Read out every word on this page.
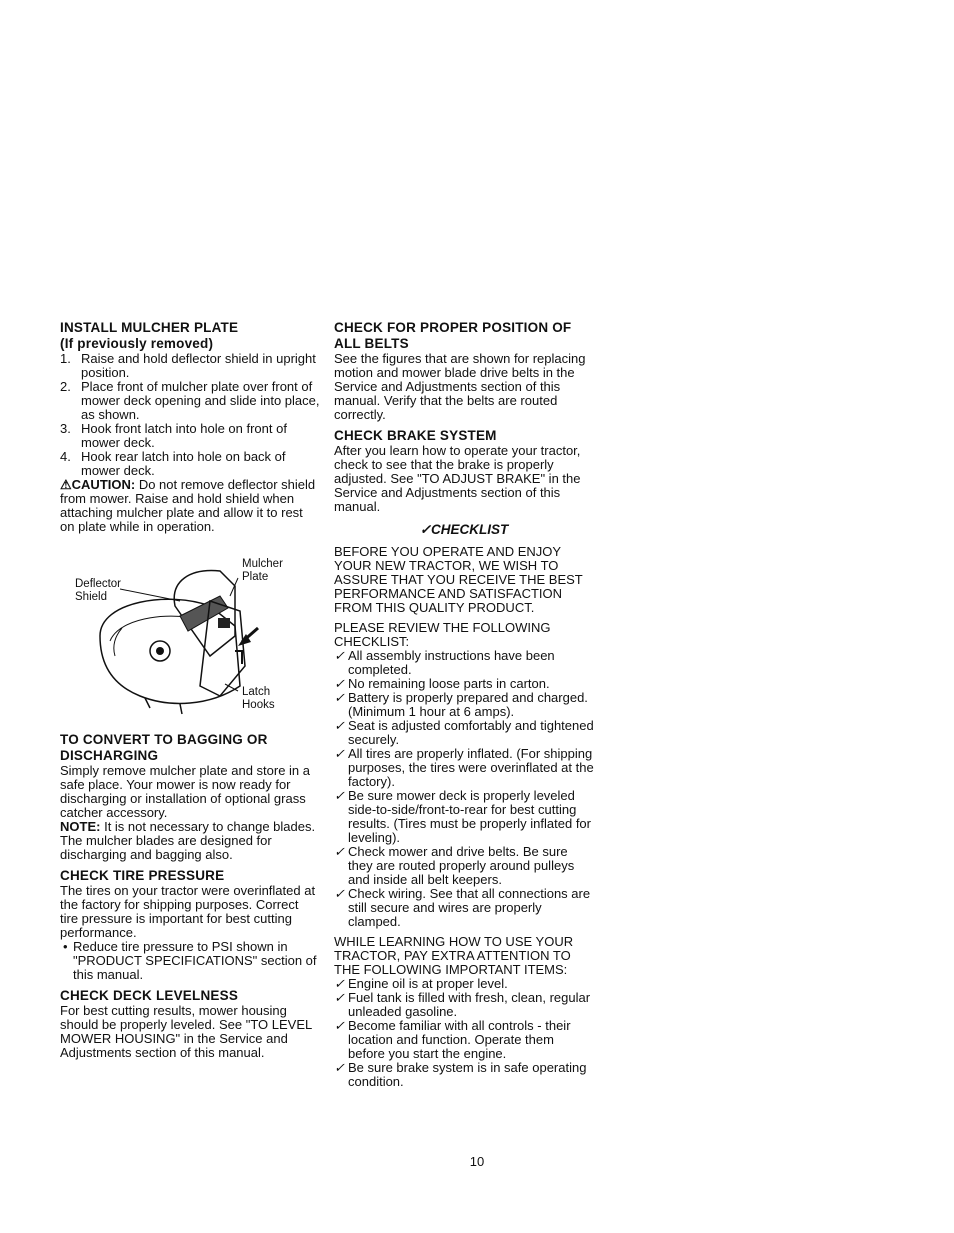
INSTALL MULCHER PLATE
(If previously removed)
1. Raise and hold deflector shield in upright position.
2. Place front of mulcher plate over front of mower deck opening and slide into place, as shown.
3. Hook front latch into hole on front of mower deck.
4. Hook rear latch into hole on back of mower deck.

⚠CAUTION: Do not remove deflector shield from mower. Raise and hold shield when attaching mulcher plate and allow it to rest on plate while in operation.

Mulcher
Plate
Deflector
Shield
Latch
Hooks
TO CONVERT TO BAGGING OR
DISCHARGING

Simply remove mulcher plate and store in a safe place. Your mower is now ready for discharging or installation of optional grass catcher accessory.

NOTE: It is not necessary to change blades. The mulcher blades are designed for discharging and bagging also.

CHECK TIRE PRESSURE

The tires on your tractor were overinflated at the factory for shipping purposes. Correct tire pressure is important for best cutting performance.

• Reduce tire pressure to PSI shown in "PRODUCT SPECIFICATIONS" section of this manual.
CHECK DECK LEVELNESS

For best cutting results, mower housing should be properly leveled. See "TO LEVEL MOWER HOUSING" in the Service and Adjustments section of this manual.

CHECK FOR PROPER POSITION OF
ALL BELTS

See the figures that are shown for replacing motion and mower blade drive belts in the Service and Adjustments section of this manual. Verify that the belts are routed correctly.

CHECK BRAKE SYSTEM

After you learn how to operate your tractor, check to see that the brake is properly adjusted. See "TO ADJUST BRAKE" in the Service and Adjustments section of this manual.

✓CHECKLIST

BEFORE YOU OPERATE AND ENJOY YOUR NEW TRACTOR, WE WISH TO ASSURE THAT YOU RECEIVE THE BEST PERFORMANCE AND SATISFACTION FROM THIS QUALITY PRODUCT.

PLEASE REVIEW THE FOLLOWING CHECKLIST:

✓ All assembly instructions have been completed.
✓ No remaining loose parts in carton.
✓ Battery is properly prepared and charged. (Minimum 1 hour at 6 amps).
✓ Seat is adjusted comfortably and tightened securely.
✓ All tires are properly inflated. (For shipping purposes, the tires were overinflated at the factory).
✓ Be sure mower deck is properly leveled side-to-side/front-to-rear for best cutting results. (Tires must be properly inflated for leveling).
✓ Check mower and drive belts. Be sure they are routed properly around pulleys and inside all belt keepers.
✓ Check wiring. See that all connections are still secure and wires are properly clamped.

WHILE LEARNING HOW TO USE YOUR TRACTOR, PAY EXTRA ATTENTION TO THE FOLLOWING IMPORTANT ITEMS:

✓ Engine oil is at proper level.
✓ Fuel tank is filled with fresh, clean, regular unleaded gasoline.
✓ Become familiar with all controls - their location and function. Operate them before you start the engine.
✓ Be sure brake system is in safe operating condition.
10
